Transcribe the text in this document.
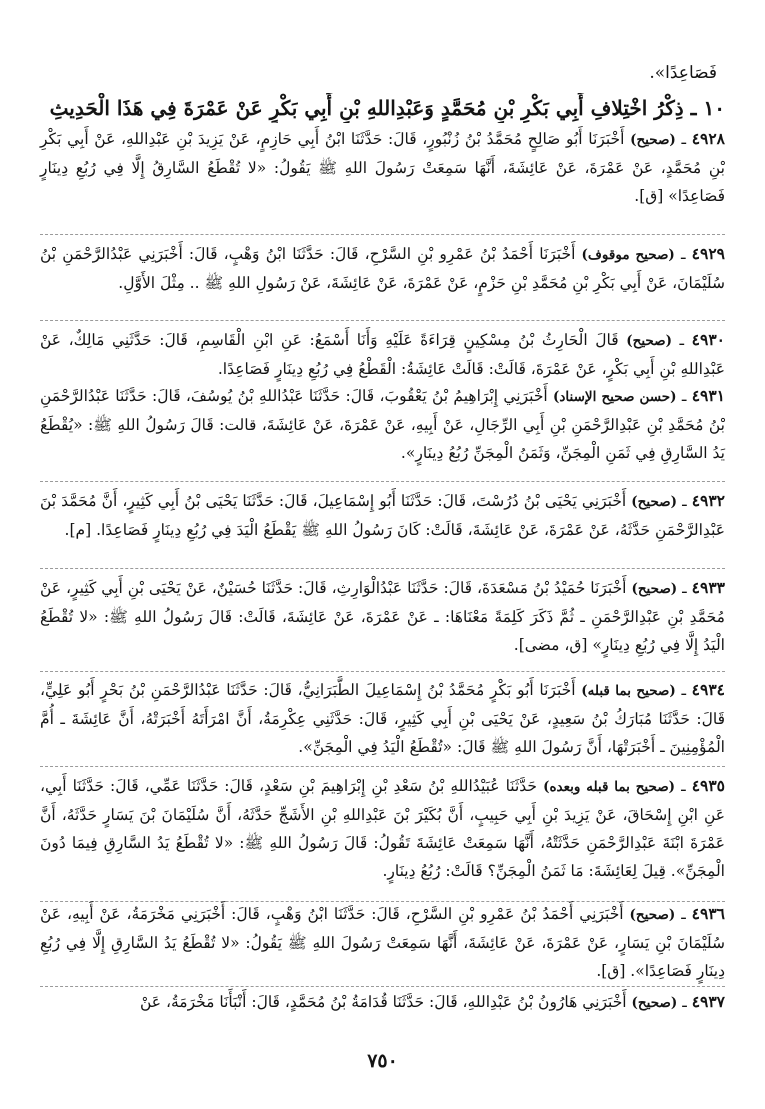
فَصَاعِدًا».
١٠ ـ ذِكْرُ اخْتِلافِ أَبِي بَكْرِ بْنِ مُحَمَّدٍ وَعَبْدِاللهِ بْنِ أَبِي بَكْرٍ عَنْ عَمْرَةَ فِي هَذَا الْحَدِيثِ
٤٩٢٨ ـ (صحيح) أَخْبَرَنَا أَبُو صَالِحٍ مُحَمَّدُ بْنُ زُنْبُورٍ، قَالَ: حَدَّثَنَا ابْنُ أَبِي حَازِمٍ، عَنْ يَزِيدَ بْنِ عَبْدِاللهِ، عَنْ أَبِي بَكْرِ بْنِ مُحَمَّدٍ، عَنْ عَمْرَةَ، عَنْ عَائِشَةَ، أَنَّهَا سَمِعَتْ رَسُولَ اللهِ ﷺ يَقُولُ: «لا تُقْطَعُ السَّارِقُ إِلَّا فِي رُبُعِ دِينَارٍ فَصَاعِدًا» [ق].
٤٩٢٩ ـ (صحيح موقوف) أَخْبَرَنَا أَحْمَدُ بْنُ عَمْرِو بْنِ السَّرْحِ، قَالَ: حَدَّثَنَا ابْنُ وَهْبٍ، قَالَ: أَخْبَرَنِي عَبْدُالرَّحْمَنِ بْنُ سُلَيْمَانَ، عَنْ أَبِي بَكْرِ بْنِ مُحَمَّدِ بْنِ حَزْمٍ، عَنْ عَمْرَةَ، عَنْ عَائِشَةَ، عَنْ رَسُولِ اللهِ ﷺ .. مِثْلَ الأَوَّلِ.
٤٩٣٠ ـ (صحيح) قَالَ الْحَارِثُ بْنُ مِسْكِينٍ قِرَاءَةً عَلَيْهِ وَأَنَا أَسْمَعُ: عَنِ ابْنِ الْقَاسِمِ، قَالَ: حَدَّثَنِي مَالِكٌ، عَنْ عَبْدِاللهِ بْنِ أَبِي بَكْرٍ، عَنْ عَمْرَةَ، قَالَتْ: قَالَتْ عَائِشَةُ: الْقَطْعُ فِي رُبُعِ دِينَارٍ فَصَاعِدًا.
٤٩٣١ ـ (حسن صحيح الإسناد) أَخْبَرَنِي إِبْرَاهِيمُ بْنُ يَعْقُوبَ، قَالَ: حَدَّثَنَا عَبْدُاللهِ بْنُ يُوسُفَ، قَالَ: حَدَّثَنَا عَبْدُالرَّحْمَنِ بْنُ مُحَمَّدِ بْنِ عَبْدِالرَّحْمَنِ بْنِ أَبِي الرِّجَالِ، عَنْ أَبِيهِ، عَنْ عَمْرَةَ، عَنْ عَائِشَةَ، قالت: قَالَ رَسُولُ اللهِ ﷺ: «يُقْطَعُ يَدُ السَّارِقِ فِي ثَمَنِ الْمِجَنِّ، وَثَمَنُ الْمِجَنِّ رُبُعُ دِينَارٍ».
٤٩٣٢ ـ (صحيح) أَخْبَرَنِي يَحْيَى بْنُ دُرُسْتَ، قَالَ: حَدَّثَنَا أَبُو إِسْمَاعِيلَ، قَالَ: حَدَّثَنَا يَحْيَى بْنُ أَبِي كَثِيرٍ، أَنَّ مُحَمَّدَ بْنَ عَبْدِالرَّحْمَنِ حَدَّثَهُ، عَنْ عَمْرَةَ، عَنْ عَائِشَةَ، قَالَتْ: كَانَ رَسُولُ اللهِ ﷺ يَقْطَعُ الْيَدَ فِي رُبُعِ دِينَارٍ فَصَاعِدًا. [م].
٤٩٣٣ ـ (صحيح) أَخْبَرَنَا حُمَيْدُ بْنُ مَسْعَدَةَ، قَالَ: حَدَّثَنَا عَبْدُالْوَارِثِ، قَالَ: حَدَّثَنَا حُسَيْنٌ، عَنْ يَحْيَى بْنِ أَبِي كَثِيرٍ، عَنْ مُحَمَّدِ بْنِ عَبْدِالرَّحْمَنِ ـ ثُمَّ ذَكَرَ كَلِمَةً مَعْنَاهَا: ـ عَنْ عَمْرَةَ، عَنْ عَائِشَةَ، قَالَتْ: قَالَ رَسُولُ اللهِ ﷺ: «لا تُقْطَعُ الْيَدُ إِلَّا فِي رُبُعِ دِينَارٍ» [ق، مضى].
٤٩٣٤ ـ (صحيح بما قبله) أَخْبَرَنَا أَبُو بَكْرٍ مُحَمَّدُ بْنُ إِسْمَاعِيلَ الطَّبَرَانِيُّ، قَالَ: حَدَّثَنَا عَبْدُالرَّحْمَنِ بْنُ بَحْرٍ أَبُو عَلِيٍّ، قَالَ: حَدَّثَنَا مُبَارَكُ بْنُ سَعِيدٍ، عَنْ يَحْيَى بْنِ أَبِي كَثِيرٍ، قَالَ: حَدَّثَنِي عِكْرِمَةُ، أَنَّ امْرَأَتَهُ أَخْبَرَتْهُ، أَنَّ عَائِشَةَ ـ أُمَّ الْمُؤْمِنِينَ ـ أَخْبَرَتْهَا، أَنَّ رَسُولَ اللهِ ﷺ قَالَ: «تُقْطَعُ الْيَدُ فِي الْمِجَنِّ».
٤٩٣٥ ـ (صحيح بما قبله وبعده) حَدَّثَنَا عُبَيْدُاللهِ بْنُ سَعْدِ بْنِ إِبْرَاهِيمَ بْنِ سَعْدٍ، قَالَ: حَدَّثَنَا عَمِّي، قَالَ: حَدَّثَنَا أَبِي، عَنِ ابْنِ إِسْحَاقَ، عَنْ يَزِيدَ بْنِ أَبِي حَبِيبٍ، أَنَّ بُكَيْرَ بْنَ عَبْدِاللهِ بْنِ الأَشَجِّ حَدَّثَهُ، أَنَّ سُلَيْمَانَ بْنَ يَسَارٍ حَدَّثَهُ، أَنَّ عَمْرَةَ ابْنَةَ عَبْدِالرَّحْمَنِ حَدَّثَتْهُ، أَنَّهَا سَمِعَتْ عَائِشَةَ تَقُولُ: قَالَ رَسُولُ اللهِ ﷺ: «لا تُقْطَعُ يَدُ السَّارِقِ فِيمَا دُونَ الْمِجَنِّ». قِيلَ لِعَائِشَةَ: مَا ثَمَنُ الْمِجَنِّ؟ قَالَتْ: رُبُعُ دِينَارٍ.
٤٩٣٦ ـ (صحيح) أَخْبَرَنِي أَحْمَدُ بْنُ عَمْرِو بْنِ السَّرْحِ، قَالَ: حَدَّثَنَا ابْنُ وَهْبٍ، قَالَ: أَخْبَرَنِي مَخْرَمَةُ، عَنْ أَبِيهِ، عَنْ سُلَيْمَانَ بْنِ يَسَارٍ، عَنْ عَمْرَةَ، عَنْ عَائِشَةَ، أَنَّهَا سَمِعَتْ رَسُولَ اللهِ ﷺ يَقُولُ: «لا تُقْطَعُ يَدُ السَّارِقِ إِلَّا فِي رُبُعِ دِينَارٍ فَصَاعِدًا». [ق].
٤٩٣٧ ـ (صحيح) أَخْبَرَنِي هَارُونُ بْنُ عَبْدِاللهِ، قَالَ: حَدَّثَنَا قُدَامَةُ بْنُ مُحَمَّدٍ، قَالَ: أَنْبَأَنَا مَخْرَمَةُ، عَنْ
٧٥٠
